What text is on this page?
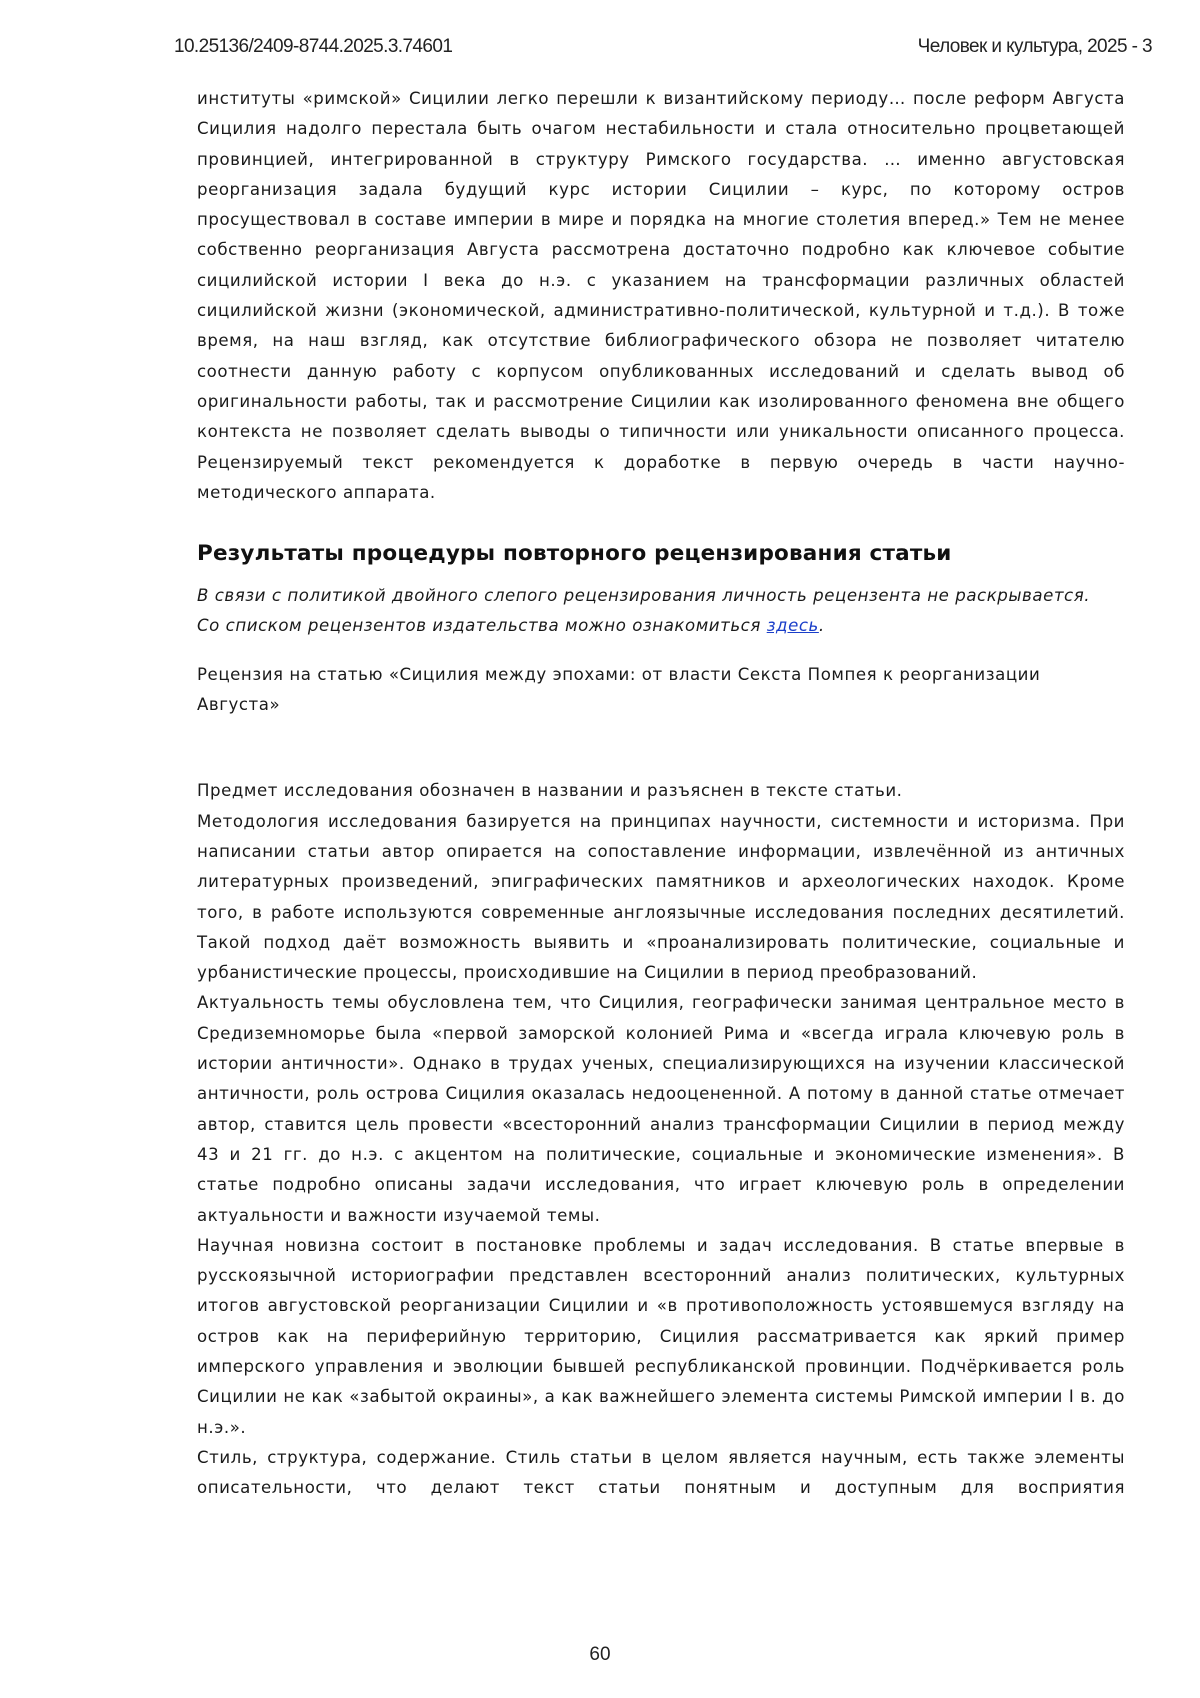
10.25136/2409-8744.2025.3.74601	Человек и культура, 2025 - 3

институты «римской» Сицилии легко перешли к византийскому периоду… после реформ Августа Сицилия надолго перестала быть очагом нестабильности и стала относительно процветающей провинцией, интегрированной в структуру Римского государства. … именно августовская реорганизация задала будущий курс истории Сицилии – курс, по которому остров просуществовал в составе империи в мире и порядка на многие столетия вперед.» Тем не менее собственно реорганизация Августа рассмотрена достаточно подробно как ключевое событие сицилийской истории I века до н.э. с указанием на трансформации различных областей сицилийской жизни (экономической, административно-политической, культурной и т.д.). В тоже время, на наш взгляд, как отсутствие библиографического обзора не позволяет читателю соотнести данную работу с корпусом опубликованных исследований и сделать вывод об оригинальности работы, так и рассмотрение Сицилии как изолированного феномена вне общего контекста не позволяет сделать выводы о типичности или уникальности описанного процесса. Рецензируемый текст рекомендуется к доработке в первую очередь в части научно-методического аппарата.

Результаты процедуры повторного рецензирования статьи

В связи с политикой двойного слепого рецензирования личность рецензента не раскрывается.

Со списком рецензентов издательства можно ознакомиться здесь.

Рецензия на статью «Сицилия между эпохами: от власти Секста Помпея к реорганизации Августа»

Предмет исследования обозначен в названии и разъяснен в тексте статьи.

Методология исследования базируется на принципах научности, системности и историзма. При написании статьи автор опирается на сопоставление информации, извлечённой из античных литературных произведений, эпиграфических памятников и археологических находок. Кроме того, в работе используются современные англоязычные исследования последних десятилетий. Такой подход даёт возможность выявить и «проанализировать политические, социальные и урбанистические процессы, происходившие на Сицилии в период преобразований.

Актуальность темы обусловлена тем, что Сицилия, географически занимая центральное место в Средиземноморье была «первой заморской колонией Рима и «всегда играла ключевую роль в истории античности». Однако в трудах ученых, специализирующихся на изучении классической античности, роль острова Сицилия оказалась недооцененной. А потому в данной статье отмечает автор, ставится цель провести «всесторонний анализ трансформации Сицилии в период между 43 и 21 гг. до н.э. с акцентом на политические, социальные и экономические изменения». В статье подробно описаны задачи исследования, что играет ключевую роль в определении актуальности и важности изучаемой темы.

Научная новизна состоит в постановке проблемы и задач исследования. В статье впервые в русскоязычной историографии представлен всесторонний анализ политических, культурных итогов августовской реорганизации Сицилии и «в противоположность устоявшемуся взгляду на остров как на периферийную территорию, Сицилия рассматривается как яркий пример имперского управления и эволюции бывшей республиканской провинции. Подчёркивается роль Сицилии не как «забытой окраины», а как важнейшего элемента системы Римской империи I в. до н.э.».

Стиль, структура, содержание. Стиль статьи в целом является научным, есть также элементы описательности, что делают текст статьи понятным и доступным для восприятия

60
